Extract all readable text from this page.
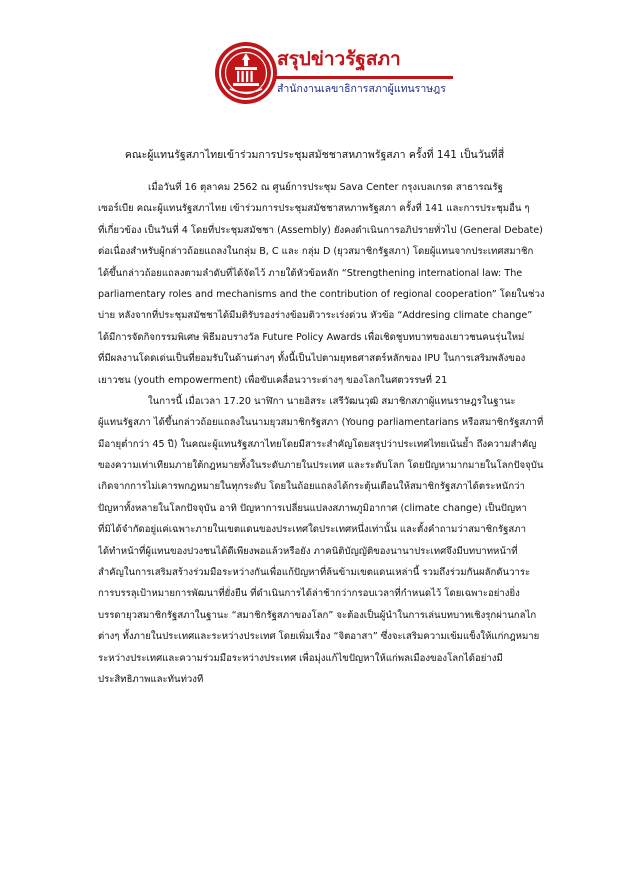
สรุปข่าวรัฐสภา
สำนักงานเลขาธิการสภาผู้แทนราษฎร
คณะผู้แทนรัฐสภาไทยเข้าร่วมการประชุมสมัชชาสหภาพรัฐสภา ครั้งที่ 141 เป็นวันที่สี่
เมื่อวันที่ 16 ตุลาคม 2562 ณ ศูนย์การประชุม Sava Center กรุงเบลเกรด สาธารณรัฐ
เซอร์เบีย คณะผู้แทนรัฐสภาไทย เข้าร่วมการประชุมสมัชชาสหภาพรัฐสภา ครั้งที่ 141 และการประชุมอื่น ๆ
ที่เกี่ยวข้อง เป็นวันที่ 4 โดยที่ประชุมสมัชชา (Assembly) ยังคงดำเนินการอภิปรายทั่วไป (General Debate)
ต่อเนื่องสำหรับผู้กล่าวถ้อยแถลงในกลุ่ม B, C และ กลุ่ม D (ยุวสมาชิกรัฐสภา) โดยผู้แทนจากประเทศสมาชิก
ได้ขึ้นกล่าวถ้อยแถลงตามลำดับที่ได้จัดไว้ ภายใต้หัวข้อหลัก “Strengthening international law: The
parliamentary roles and mechanisms and the contribution of regional cooperation” โดยในช่วง
บ่าย หลังจากที่ประชุมสมัชชาได้มีมติรับรองร่างข้อมติวาระเร่งด่วน หัวข้อ “Addresing climate change”
ได้มีการจัดกิจกรรมพิเศษ พิธีมอบรางวัล Future Policy Awards เพื่อเชิดชูบทบาทของเยาวชนคนรุ่นใหม่
ที่มีผลงานโดดเด่นเป็นที่ยอมรับในด้านต่างๆ ทั้งนี้เป็นไปตามยุทธศาสตร์หลักของ IPU ในการเสริมพลังของ
เยาวชน (youth empowerment) เพื่อขับเคลื่อนวาระต่างๆ ของโลกในศตวรรษที่ 21
ในการนี้ เมื่อเวลา 17.20 นาฬิกา นายอิสระ เสรีวัฒนวุฒิ สมาชิกสภาผู้แทนราษฎรในฐานะ
ผู้แทนรัฐสภา ได้ขึ้นกล่าวถ้อยแถลงในนามยุวสมาชิกรัฐสภา (Young parliamentarians หรือสมาชิกรัฐสภาที่
มีอายุต่ำกว่า 45 ปี) ในคณะผู้แทนรัฐสภาไทยโดยมีสาระสำคัญโดยสรุปว่าประเทศไทยเน้นย้ำ ถึงความสำคัญ
ของความเท่าเทียมภายใต้กฎหมายทั้งในระดับภายในประเทศ และระดับโลก โดยปัญหามากมายในโลกปัจจุบัน
เกิดจากการไม่เคารพกฎหมายในทุกระดับ โดยในถ้อยแถลงได้กระตุ้นเตือนให้สมาชิกรัฐสภาได้ตระหนักว่า
ปัญหาทั้งหลายในโลกปัจจุบัน อาทิ ปัญหาการเปลี่ยนแปลงสภาพภูมิอากาศ (climate change) เป็นปัญหา
ที่มิได้จำกัดอยู่แค่เฉพาะภายในเขตแดนของประเทศใดประเทศหนึ่งเท่านั้น และตั้งคำถามว่าสมาชิกรัฐสภา
ได้ทำหน้าที่ผู้แทนของปวงชนได้ดีเพียงพอแล้วหรือยัง ภาคนิติบัญญัติของนานาประเทศจึงมีบทบาทหน้าที่
สำคัญในการเสริมสร้างร่วมมือระหว่างกันเพื่อแก้ปัญหาที่ล้นข้ามเขตแดนเหล่านี้ รวมถึงร่วมกันผลักดันวาระ
การบรรลุเป้าหมายการพัฒนาที่ยั่งยืน ที่ดำเนินการได้ล่าช้ากว่ากรอบเวลาที่กำหนดไว้ โดยเฉพาะอย่างยิ่ง
บรรดายุวสมาชิกรัฐสภาในฐานะ “สมาชิกรัฐสภาของโลก” จะต้องเป็นผู้นำในการเล่นบทบาทเชิงรุกผ่านกลไก
ต่างๆ ทั้งภายในประเทศและระหว่างประเทศ โดยเพิ่มเรื่อง “จิตอาสา” ซึ่งจะเสริมความเข้มแข็งให้แก่กฎหมาย
ระหว่างประเทศและความร่วมมือระหว่างประเทศ เพื่อมุ่งแก้ไขปัญหาให้แก่พลเมืองของโลกได้อย่างมี
ประสิทธิภาพและทันท่วงที
